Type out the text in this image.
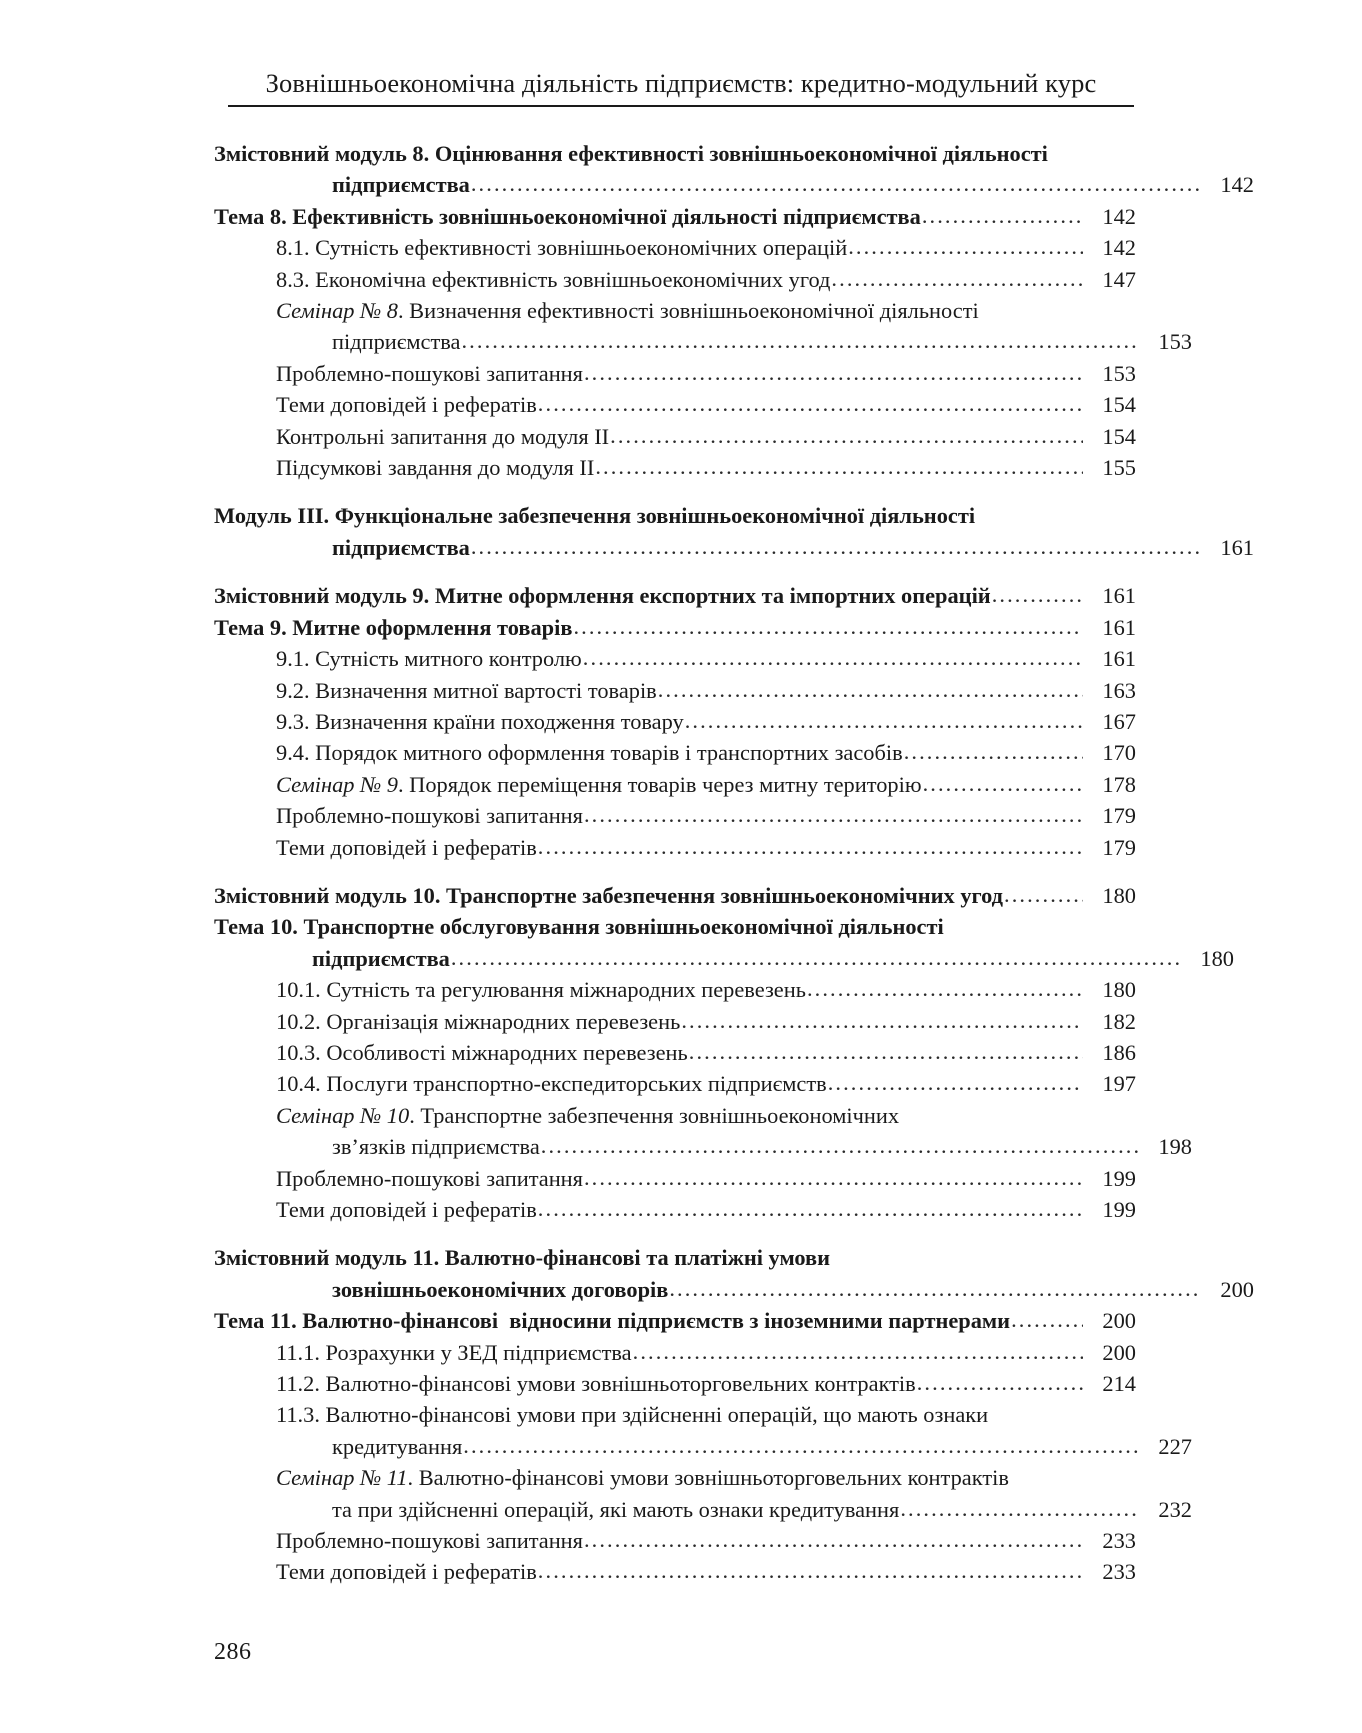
Зовнішньоекономічна діяльність підприємств: кредитно-модульний курс
Змістовний модуль 8. Оцінювання ефективності зовнішньоекономічної діяльності
підприємства .....	142
Тема 8. Ефективність зовнішньоекономічної діяльності підприємства .....	142
8.1. Сутність ефективності зовнішньоекономічних операцій .....	142
8.3. Економічна ефективність зовнішньоекономічних угод .....	147
Семінар № 8. Визначення ефективності зовнішньоекономічної діяльності
підприємства .....	153
Проблемно-пошукові запитання .....	153
Теми доповідей і рефератів .....	154
Контрольні запитання до модуля II .....	154
Підсумкові завдання до модуля II .....	155
Модуль III. Функціональне забезпечення зовнішньоекономічної діяльності
підприємства .....	161
Змістовний модуль 9. Митне оформлення експортних та імпортних операцій .....	161
Тема 9. Митне оформлення товарів .....	161
9.1. Сутність митного контролю .....	161
9.2. Визначення митної вартості товарів .....	163
9.3. Визначення країни походження товару .....	167
9.4. Порядок митного оформлення товарів і транспортних засобів .....	170
Семінар № 9. Порядок переміщення товарів через митну територію .....	178
Проблемно-пошукові запитання .....	179
Теми доповідей і рефератів .....	179
Змістовний модуль 10. Транспортне забезпечення зовнішньоекономічних угод .....	180
Тема 10. Транспортне обслуговування зовнішньоекономічної діяльності
підприємства .....	180
10.1. Сутність та регулювання міжнародних перевезень .....	180
10.2. Організація міжнародних перевезень .....	182
10.3. Особливості міжнародних перевезень .....	186
10.4. Послуги транспортно-експедиторських підприємств .....	197
Семінар № 10. Транспортне забезпечення зовнішньоекономічних
зв’язків підприємства .....	198
Проблемно-пошукові запитання .....	199
Теми доповідей і рефератів .....	199
Змістовний модуль 11. Валютно-фінансові та платіжні умови
зовнішньоекономічних договорів .....	200
Тема 11. Валютно-фінансові  відносини підприємств з іноземними партнерами .....	200
11.1. Розрахунки у ЗЕД підприємства .....	200
11.2. Валютно-фінансові умови зовнішньоторговельних контрактів .....	214
11.3. Валютно-фінансові умови при здійсненні операцій, що мають ознаки
кредитування .....	227
Семінар № 11. Валютно-фінансові умови зовнішньоторговельних контрактів
та при здійсненні операцій, які мають ознаки кредитування .....	232
Проблемно-пошукові запитання .....	233
Теми доповідей і рефератів .....	233
286
